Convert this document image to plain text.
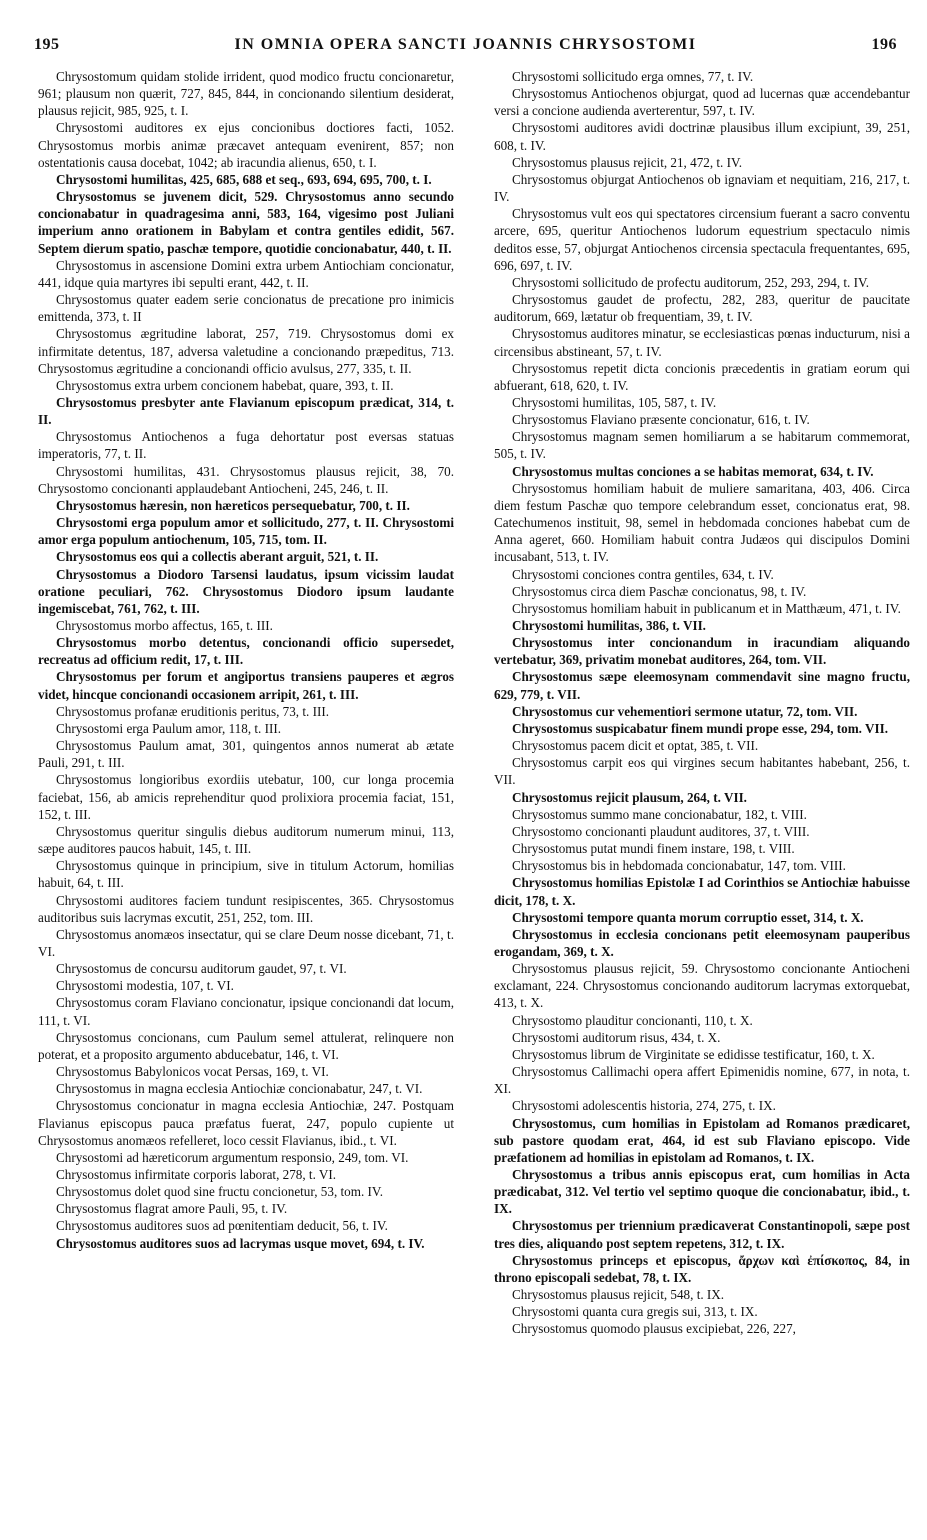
195	IN OMNIA OPERA SANCTI JOANNIS CHRYSOSTOMI	196

Chrysostomum quidam stolide irrident, quod modico fructu concionaretur, 961; plausum non quærit, 727, 845, 844, in concionando silentium desiderat, plausus rejicit, 985, 925, t. I.

Chrysostomi auditores ex ejus concionibus doctiores facti, 1052. Chrysostomus morbis animæ præcavet antequam evenirent, 857; non ostentationis causa docebat, 1042; ab iracundia alienus, 650, t. I.

Chrysostomi humilitas, 425, 685, 688 et seq., 693, 694, 695, 700, t. I.

Chrysostomus se juvenem dicit, 529. Chrysostomus anno secundo concionabatur in quadragesima anni, 583, 164, vigesimo post Juliani imperium anno orationem in Babylam et contra gentiles edidit, 567. Septem dierum spatio, paschæ tempore, quotidie concionabatur, 440, t. II.

Chrysostomus in ascensione Domini extra urbem Antiochiam concionatur, 441, idque quia martyres ibi sepulti erant, 442, t. II.

Chrysostomus quater eadem serie concionatus de precatione pro inimicis emittenda, 373, t. II

Chrysostomus ægritudine laborat, 257, 719. Chrysostomus domi ex infirmitate detentus, 187, adversa valetudine a concionando præpeditus, 713. Chrysostomus ægritudine a concionandi officio avulsus, 277, 335, t. II.

Chrysostomus extra urbem concionem habebat, quare, 393, t. II.

Chrysostomus presbyter ante Flavianum episcopum prædicat, 314, t. II.

Chrysostomus Antiochenos a fuga dehortatur post eversas statuas imperatoris, 77, t. II.

Chrysostomi humilitas, 431. Chrysostomus plausus rejicit, 38, 70. Chrysostomo concionanti applaudebant Antiocheni, 245, 246, t. II.

Chrysostomus hæresin, non hæreticos persequebatur, 700, t. II.

Chrysostomi erga populum amor et sollicitudo, 277, t. II. Chrysostomi amor erga populum antiochenum, 105, 715, tom. II.

Chrysostomus eos qui a collectis aberant arguit, 521, t. II.

Chrysostomus a Diodoro Tarsensi laudatus, ipsum vicissim laudat oratione peculiari, 762. Chrysostomus Diodoro ipsum laudante ingemiscebat, 761, 762, t. III.

Chrysostomus morbo affectus, 165, t. III.

Chrysostomus morbo detentus, concionandi officio supersedet, recreatus ad officium redit, 17, t. III.

Chrysostomus per forum et angiportus transiens pauperes et ægros videt, hincque concionandi occasionem arripit, 261, t. III.

Chrysostomus profanæ eruditionis peritus, 73, t. III.

Chrysostomi erga Paulum amor, 118, t. III.

Chrysostomus Paulum amat, 301, quingentos annos numerat ab ætate Pauli, 291, t. III.

Chrysostomus longioribus exordiis utebatur, 100, cur longa procemia faciebat, 156, ab amicis reprehenditur quod prolixiora procemia faciat, 151, 152, t. III.

Chrysostomus queritur singulis diebus auditorum numerum minui, 113, sæpe auditores paucos habuit, 145, t. III.

Chrysostomus quinque in principium, sive in titulum Actorum, homilias habuit, 64, t. III.

Chrysostomi auditores faciem tundunt resipiscentes, 365. Chrysostomus auditoribus suis lacrymas excutit, 251, 252, tom. III.

Chrysostomus anomæos insectatur, qui se clare Deum nosse dicebant, 71, t. VI.

Chrysostomus de concursu auditorum gaudet, 97, t. VI.

Chrysostomi modestia, 107, t. VI.

Chrysostomus coram Flaviano concionatur, ipsique concionandi dat locum, 111, t. VI.

Chrysostomus concionans, cum Paulum semel attulerat, relinquere non poterat, et a proposito argumento abducebatur, 146, t. VI.

Chrysostomus Babylonicos vocat Persas, 169, t. VI.

Chrysostomus in magna ecclesia Antiochiæ concionabatur, 247, t. VI.

Chrysostomus concionatur in magna ecclesia Antiochiæ, 247. Postquam Flavianus episcopus pauca præfatus fuerat, 247, populo cupiente ut Chrysostomus anomæos refelleret, loco cessit Flavianus, ibid., t. VI.

Chrysostomi ad hæreticorum argumentum responsio, 249, tom. VI.

Chrysostomus infirmitate corporis laborat, 278, t. VI.

Chrysostomus dolet quod sine fructu concionetur, 53, tom. IV.

Chrysostomus flagrat amore Pauli, 95, t. IV.

Chrysostomus auditores suos ad pœnitentiam deducit, 56, t. IV.

Chrysostomus auditores suos ad lacrymas usque movet, 694, t. IV.

Chrysostomi sollicitudo erga omnes, 77, t. IV.

Chrysostomus Antiochenos objurgat, quod ad lucernas quæ accendebantur versi a concione audienda averterentur, 597, t. IV.

Chrysostomi auditores avidi doctrinæ plausibus illum excipiunt, 39, 251, 608, t. IV.

Chrysostomus plausus rejicit, 21, 472, t. IV.

Chrysostomus objurgat Antiochenos ob ignaviam et nequitiam, 216, 217, t. IV.

Chrysostomus vult eos qui spectatores circensium fuerant a sacro conventu arcere, 695, queritur Antiochenos ludorum equestrium spectaculo nimis deditos esse, 57, objurgat Antiochenos circensia spectacula frequentantes, 695, 696, 697, t. IV.

Chrysostomi sollicitudo de profectu auditorum, 252, 293, 294, t. IV.

Chrysostomus gaudet de profectu, 282, 283, queritur de paucitate auditorum, 669, lætatur ob frequentiam, 39, t. IV.

Chrysostomus auditores minatur, se ecclesiasticas pœnas inducturum, nisi a circensibus abstineant, 57, t. IV.

Chrysostomus repetit dicta concionis præcedentis in gratiam eorum qui abfuerant, 618, 620, t. IV.

Chrysostomi humilitas, 105, 587, t. IV.

Chrysostomus Flaviano præsente concionatur, 616, t. IV.

Chrysostomus magnam semen homiliarum a se habitarum commemorat, 505, t. IV.

Chrysostomus multas conciones a se habitas memorat, 634, t. IV.

Chrysostomus homiliam habuit de muliere samaritana, 403, 406. Circa diem festum Paschæ quo tempore celebrandum esset, concionatus erat, 98. Catechumenos instituit, 98, semel in hebdomada conciones habebat cum de Anna ageret, 660. Homiliam habuit contra Judæos qui discipulos Domini incusabant, 513, t. IV.

Chrysostomi conciones contra gentiles, 634, t. IV.

Chrysostomus circa diem Paschæ concionatus, 98, t. IV.

Chrysostomus homiliam habuit in publicanum et in Matthæum, 471, t. IV.

Chrysostomi humilitas, 386, t. VII.

Chrysostomus inter concionandum in iracundiam aliquando vertebatur, 369, privatim monebat auditores, 264, tom. VII.

Chrysostomus sæpe eleemosynam commendavit sine magno fructu, 629, 779, t. VII.

Chrysostomus cur vehementiori sermone utatur, 72, tom. VII.

Chrysostomus suspicabatur finem mundi prope esse, 294, tom. VII.

Chrysostomus pacem dicit et optat, 385, t. VII.

Chrysostomus carpit eos qui virgines secum habitantes habebant, 256, t. VII.

Chrysostomus rejicit plausum, 264, t. VII.

Chrysostomus summo mane concionabatur, 182, t. VIII.

Chrysostomo concionanti plaudunt auditores, 37, t. VIII.

Chrysostomus putat mundi finem instare, 198, t. VIII.

Chrysostomus bis in hebdomada concionabatur, 147, tom. VIII.

Chrysostomus homilias Epistolæ I ad Corinthios se Antiochiæ habuisse dicit, 178, t. X.

Chrysostomi tempore quanta morum corruptio esset, 314, t. X.

Chrysostomus in ecclesia concionans petit eleemosynam pauperibus erogandam, 369, t. X.

Chrysostomus plausus rejicit, 59. Chrysostomo concionante Antiocheni exclamant, 224. Chrysostomus concionando auditorum lacrymas extorquebat, 413, t. X.

Chrysostomo plauditur concionanti, 110, t. X.

Chrysostomi auditorum risus, 434, t. X.

Chrysostomus librum de Virginitate se edidisse testificatur, 160, t. X.

Chrysostomus Callimachi opera affert Epimenidis nomine, 677, in nota, t. XI.

Chrysostomi adolescentis historia, 274, 275, t. IX.

Chrysostomus, cum homilias in Epistolam ad Romanos prædicaret, sub pastore quodam erat, 464, id est sub Flaviano episcopo. Vide præfationem ad homilias in epistolam ad Romanos, t. IX.

Chrysostomus a tribus annis episcopus erat, cum homilias in Acta prædicabat, 312. Vel tertio vel septimo quoque die concionabatur, ibid., t. IX.

Chrysostomus per triennium prædicaverat Constantinopoli, sæpe post tres dies, aliquando post septem repetens, 312, t. IX.

Chrysostomus princeps et episcopus, ἄρχων καὶ ἐπίσκοπος, 84, in throno episcopali sedebat, 78, t. IX.

Chrysostomus plausus rejicit, 548, t. IX.

Chrysostomi quanta cura gregis sui, 313, t. IX.

Chrysostomus quomodo plausus excipiebat, 226, 227,
